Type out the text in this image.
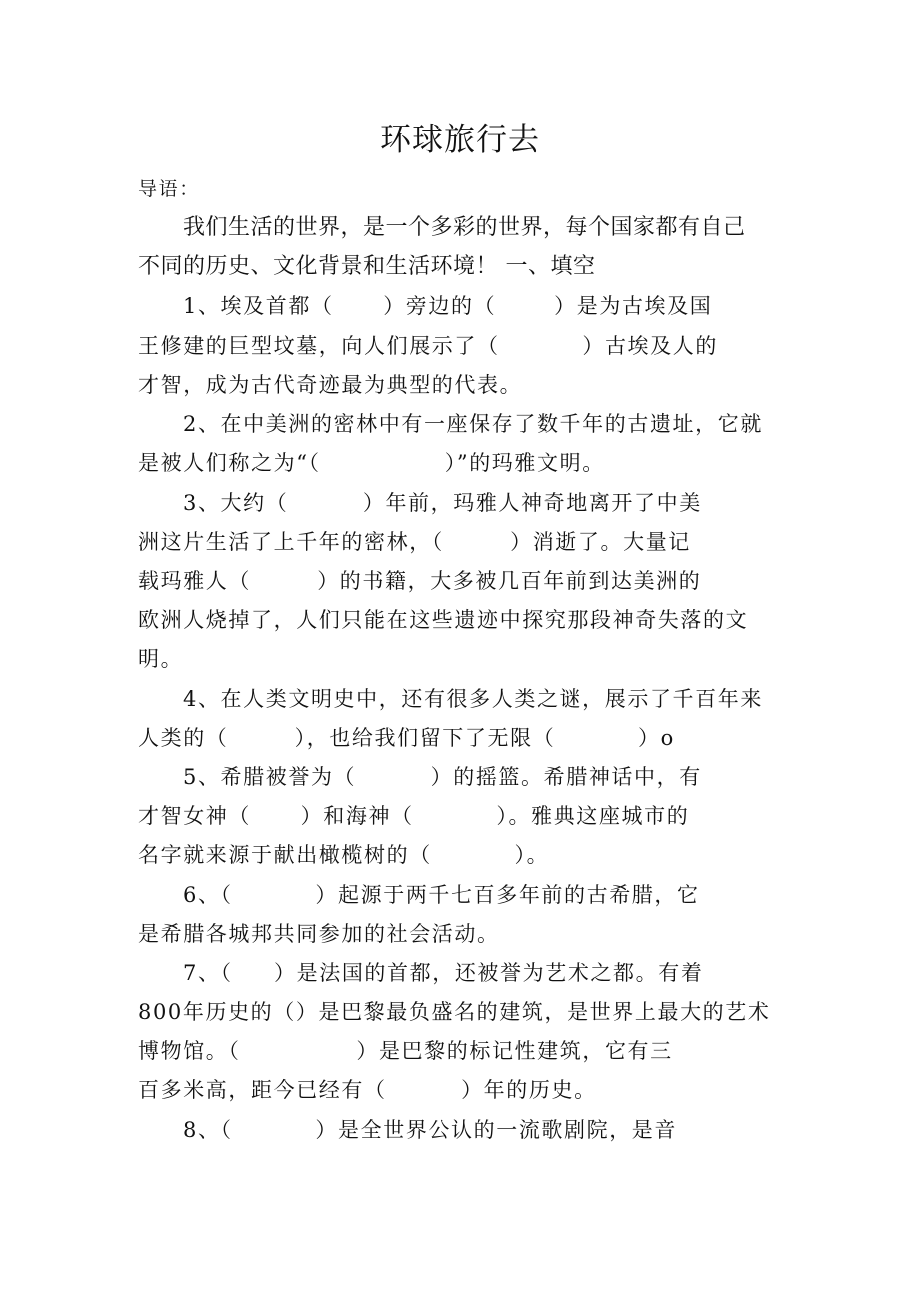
环球旅行去
导语：
我们生活的世界，是一个多彩的世界，每个国家都有自己
不同的历史、文化背景和生活环境！ 一、填空
1、埃及首都（      ）旁边的（       ）是为古埃及国
王修建的巨型坟墓，向人们展示了（          ）古埃及人的
才智，成为古代奇迹最为典型的代表。
2、在中美洲的密林中有一座保存了数千年的古遗址，它就
是被人们称之为“（               ）”的玛雅文明。
3、大约（         ）年前，玛雅人神奇地离开了中美
洲这片生活了上千年的密林，（        ）消逝了。大量记
载玛雅人（        ）的书籍，大多被几百年前到达美洲的
欧洲人烧掉了，人们只能在这些遗迹中探究那段神奇失落的文
明。
4、在人类文明史中，还有很多人类之谜，展示了千百年来
人类的（        ），也给我们留下了无限（          ）o
5、希腊被誉为（         ）的摇篮。希腊神话中，有
才智女神（      ）和海神（          ）。雅典这座城市的
名字就来源于献出橄榄树的（          ）。
6、（          ）起源于两千七百多年前的古希腊，它
是希腊各城邦共同参加的社会活动。
7、（     ）是法国的首都，还被誉为艺术之都。有着
800年历史的（）是巴黎最负盛名的建筑，是世界上最大的艺术
博物馆。（              ）是巴黎的标记性建筑，它有三
百多米高，距今已经有（         ）年的历史。
8、（          ）是全世界公认的一流歌剧院，是音
